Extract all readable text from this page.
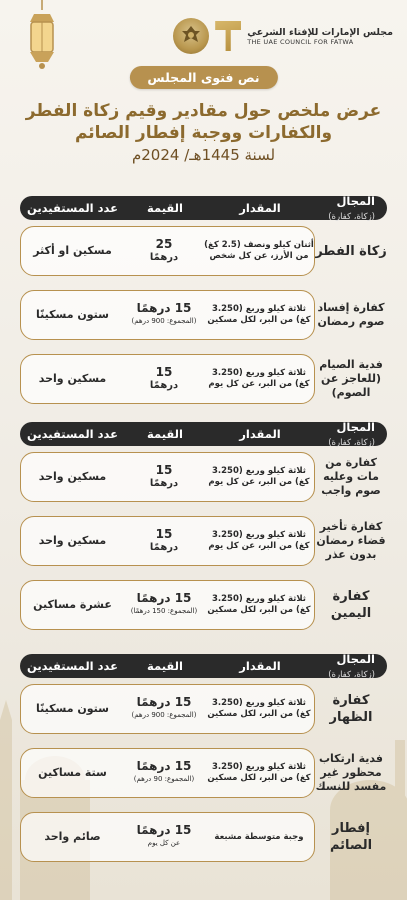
مجلس الإمارات للإفتاء الشرعي
THE UAE COUNCIL FOR FATWA
نص فتوى المجلس
عرض ملخص حول مقادير وقيم زكاة الفطر
والكفارات ووجبة إفطار الصائم
لسنة 1445هـ/ 2024م
المجال (زكاة، كفارة)
المقدار
القيمة
عدد المستفيدين
زكاة الفطر
أثنان كيلو ونصف (2.5 كغ) من الأرز، عن كل شخص
25
درهمًا
مسكين او أكثر
كفارة إفساد صوم رمضان
ثلاثة كيلو وربع (3.250 كغ) من البر، لكل مسكين
15 درهمًا
(المجموع: 900 درهم)
ستون مسكينًا
فدية الصيام (للعاجز عن الصوم)
ثلاثة كيلو وربع (3.250 كغ) من البر، عن كل يوم
15
درهمًا
مسكين واحد
المجال (زكاة، كفارة)
المقدار
القيمة
عدد المستفيدين
كفارة من مات وعليه صوم واجب
ثلاثة كيلو وربع (3.250 كغ) من البر، عن كل يوم
15
درهمًا
مسكين واحد
كفارة تأخير قضاء رمضان بدون عذر
ثلاثة كيلو وربع (3.250 كغ) من البر، عن كل يوم
15
درهمًا
مسكين واحد
كفارة اليمين
ثلاثة كيلو وربع (3.250 كغ) من البر، لكل مسكين
15 درهمًا
(المجموع: 150 درهمًا)
عشرة مساكين
المجال (زكاة، كفارة)
المقدار
القيمة
عدد المستفيدين
كفارة الظهار
ثلاثة كيلو وربع (3.250 كغ) من البر، لكل مسكين
15 درهمًا
(المجموع: 900 درهم)
ستون مسكينًا
فدية ارتكاب محظور غير مفسد للنسك
ثلاثة كيلو وربع (3.250 كغ) من البر، لكل مسكين
15 درهمًا
(المجموع: 90 درهم)
ستة مساكين
إفطار الصائم
وجبة متوسطة مشبعة
15 درهمًا
عن كل يوم
صائم واحد
